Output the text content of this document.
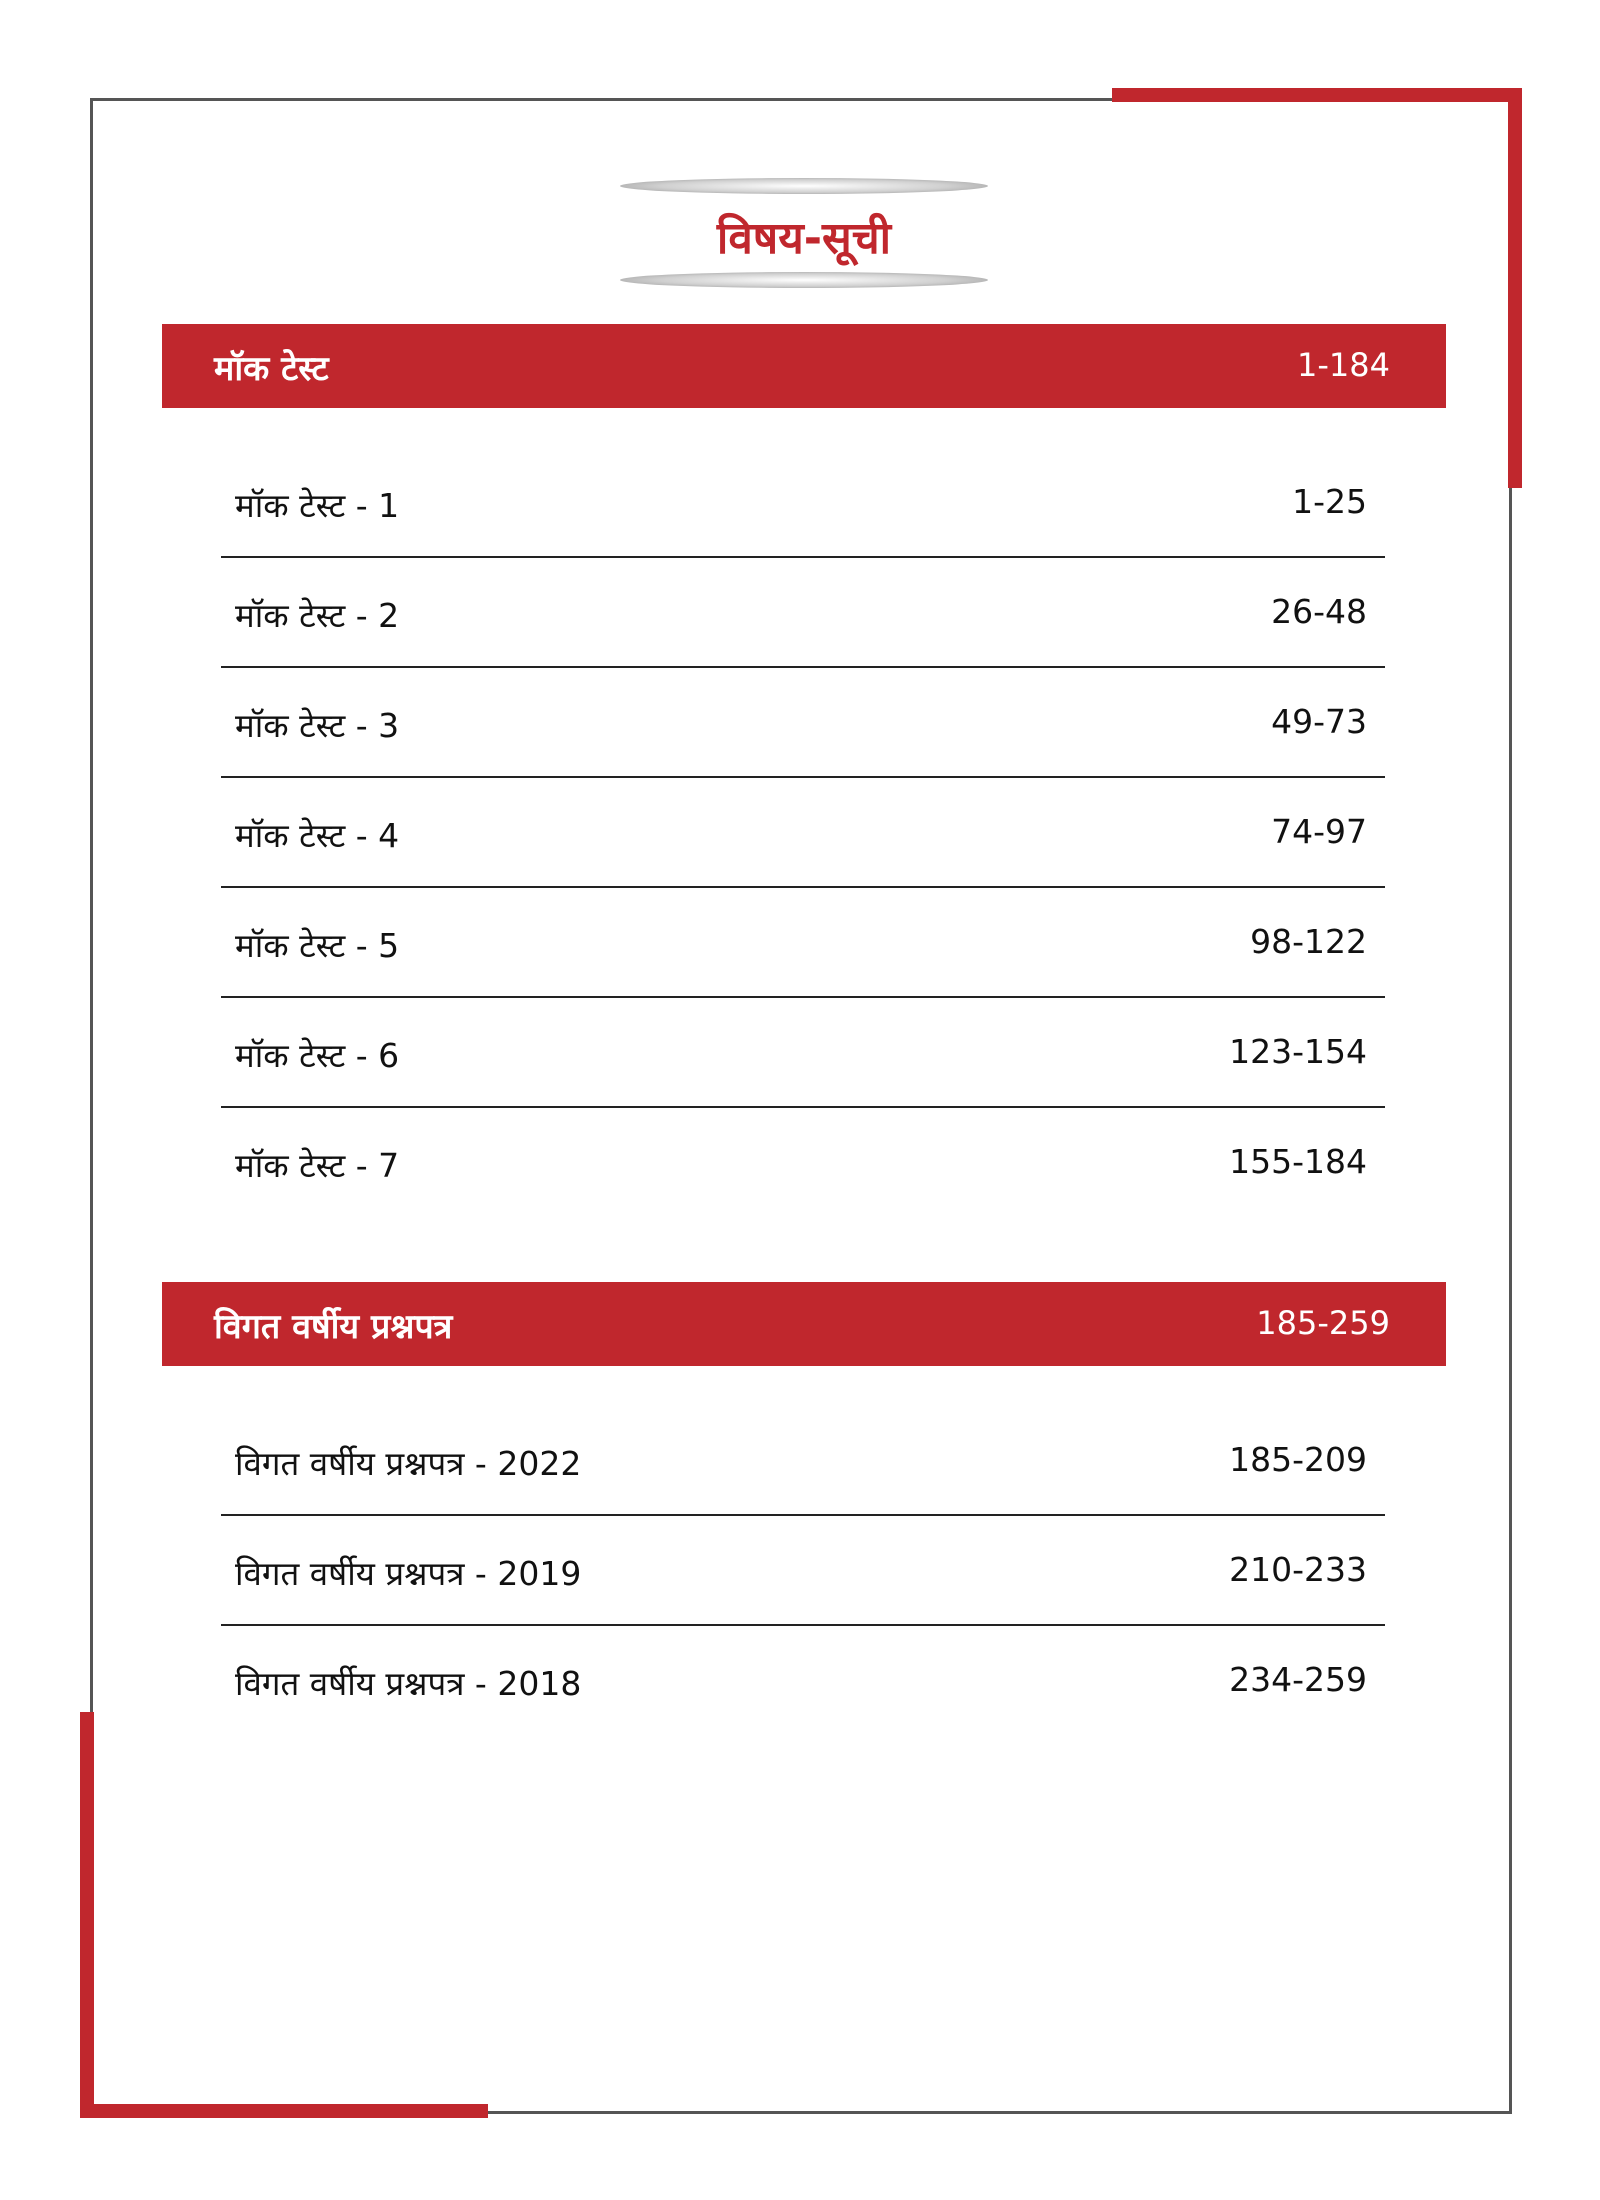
विषय-सूची
मॉक टेस्ट	1-184
मॉक टेस्ट - 1	1-25
मॉक टेस्ट - 2	26-48
मॉक टेस्ट - 3	49-73
मॉक टेस्ट - 4	74-97
मॉक टेस्ट - 5	98-122
मॉक टेस्ट - 6	123-154
मॉक टेस्ट - 7	155-184
विगत वर्षीय प्रश्नपत्र	185-259
विगत वर्षीय प्रश्नपत्र - 2022	185-209
विगत वर्षीय प्रश्नपत्र - 2019	210-233
विगत वर्षीय प्रश्नपत्र - 2018	234-259
